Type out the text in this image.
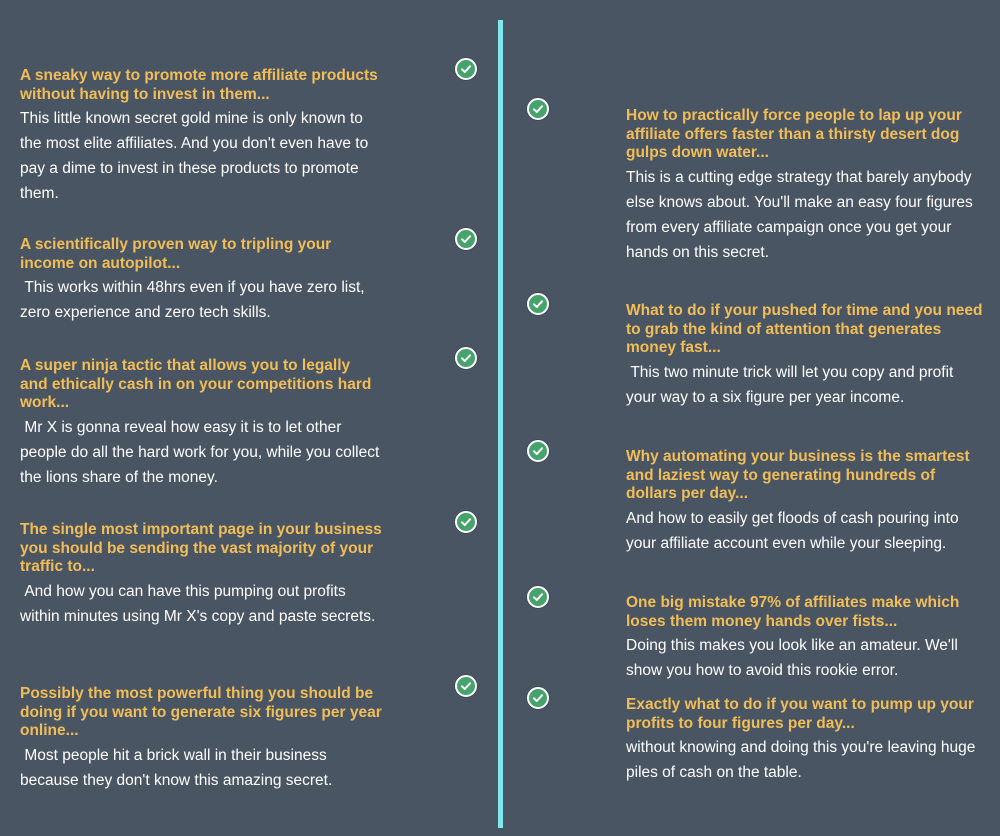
A sneaky way to promote more affiliate products without having to invest in them...

This little known secret gold mine is only known to the most elite affiliates. And you don't even have to pay a dime to invest in these products to promote them.

A scientifically proven way to tripling your income on autopilot...

This works within 48hrs even if you have zero list, zero experience and zero tech skills.

A super ninja tactic that allows you to legally and ethically cash in on your competitions hard work...

Mr X is gonna reveal how easy it is to let other people do all the hard work for you, while you collect the lions share of the money.

The single most important page in your business you should be sending the vast majority of your traffic to...

And how you can have this pumping out profits within minutes using Mr X's copy and paste secrets.

Possibly the most powerful thing you should be doing if you want to generate six figures per year online...

Most people hit a brick wall in their business because they don't know this amazing secret.

How to practically force people to lap up your affiliate offers faster than a thirsty desert dog gulps down water...

This is a cutting edge strategy that barely anybody else knows about. You'll make an easy four figures from every affiliate campaign once you get your hands on this secret.

What to do if your pushed for time and you need to grab the kind of attention that generates money fast...

This two minute trick will let you copy and profit your way to a six figure per year income.

Why automating your business is the smartest and laziest way to generating hundreds of dollars per day...

And how to easily get floods of cash pouring into your affiliate account even while your sleeping.

One big mistake 97% of affiliates make which loses them money hands over fists...

Doing this makes you look like an amateur. We'll show you how to avoid this rookie error.

Exactly what to do if you want to pump up your profits to four figures per day...

without knowing and doing this you're leaving huge piles of cash on the table.
